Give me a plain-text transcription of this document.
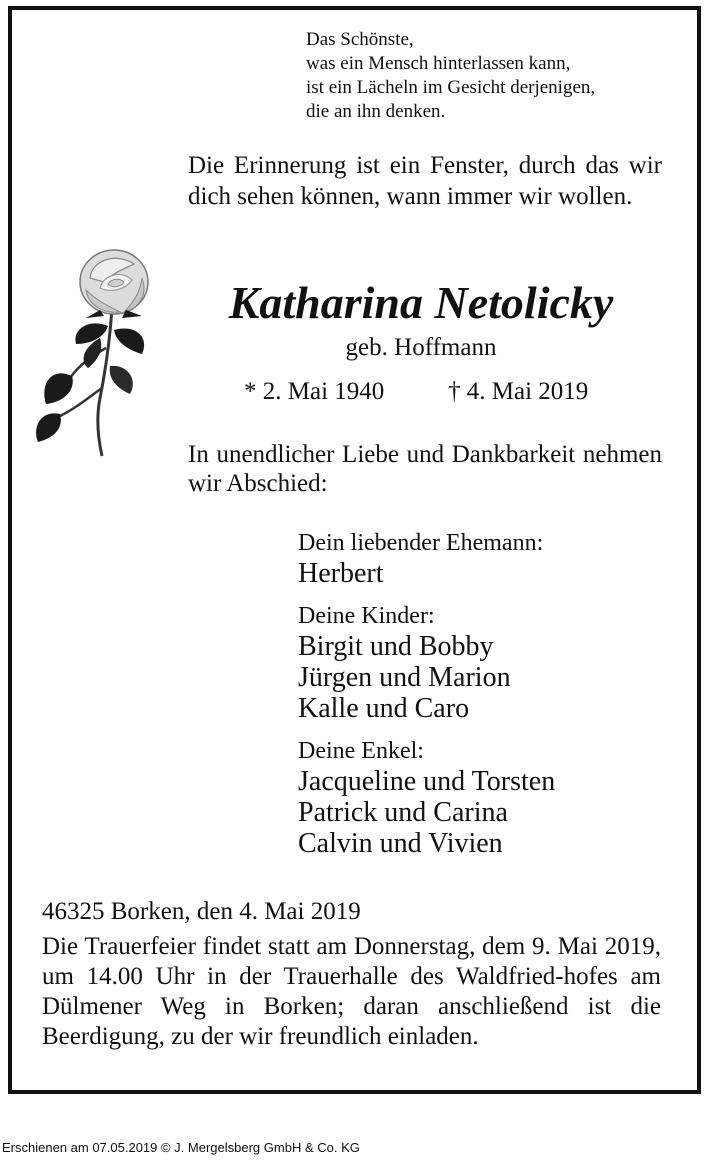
Das Schönste,
was ein Mensch hinterlassen kann,
ist ein Lächeln im Gesicht derjenigen,
die an ihn denken.
Die Erinnerung ist ein Fenster, durch das wir dich sehen können, wann immer wir wollen.
Katharina Netolicky
geb. Hoffmann
* 2. Mai 1940	† 4. Mai 2019
In unendlicher Liebe und Dankbarkeit nehmen wir Abschied:
Dein liebender Ehemann:
Herbert
Deine Kinder:
Birgit und Bobby
Jürgen und Marion
Kalle und Caro
Deine Enkel:
Jacqueline und Torsten
Patrick und Carina
Calvin und Vivien
46325 Borken, den 4. Mai 2019
Die Trauerfeier findet statt am Donnerstag, dem 9. Mai 2019, um 14.00 Uhr in der Trauerhalle des Waldfried-hofes am Dülmener Weg in Borken; daran anschließend ist die Beerdigung, zu der wir freundlich einladen.
Erschienen am 07.05.2019 © J. Mergelsberg GmbH & Co. KG
